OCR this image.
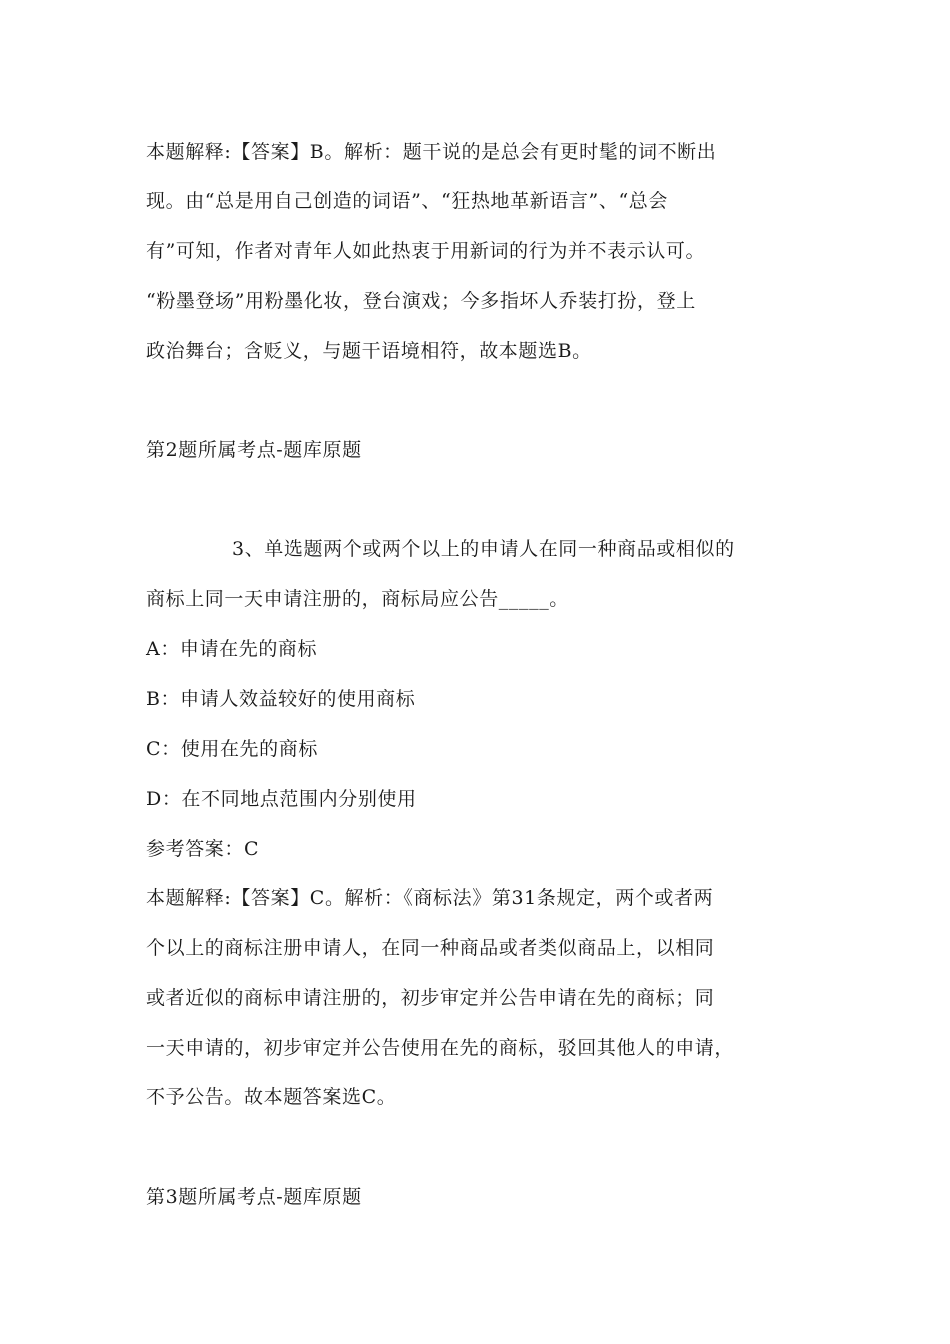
本题解释:【答案】B。解析：题干说的是总会有更时髦的词不断出
现。由“总是用自己创造的词语”、“狂热地革新语言”、“总会
有”可知，作者对青年人如此热衷于用新词的行为并不表示认可。
“粉墨登场”用粉墨化妆，登台演戏；今多指坏人乔装打扮，登上
政治舞台；含贬义，与题干语境相符，故本题选B。
第2题所属考点-题库原题
3、单选题两个或两个以上的申请人在同一种商品或相似的
商标上同一天申请注册的，商标局应公告_____。
A：申请在先的商标
B：申请人效益较好的使用商标
C：使用在先的商标
D：在不同地点范围内分别使用
参考答案：C
本题解释:【答案】C。解析：《商标法》第31条规定，两个或者两
个以上的商标注册申请人，在同一种商品或者类似商品上，以相同
或者近似的商标申请注册的，初步审定并公告申请在先的商标；同
一天申请的，初步审定并公告使用在先的商标，驳回其他人的申请，
不予公告。故本题答案选C。
第3题所属考点-题库原题
